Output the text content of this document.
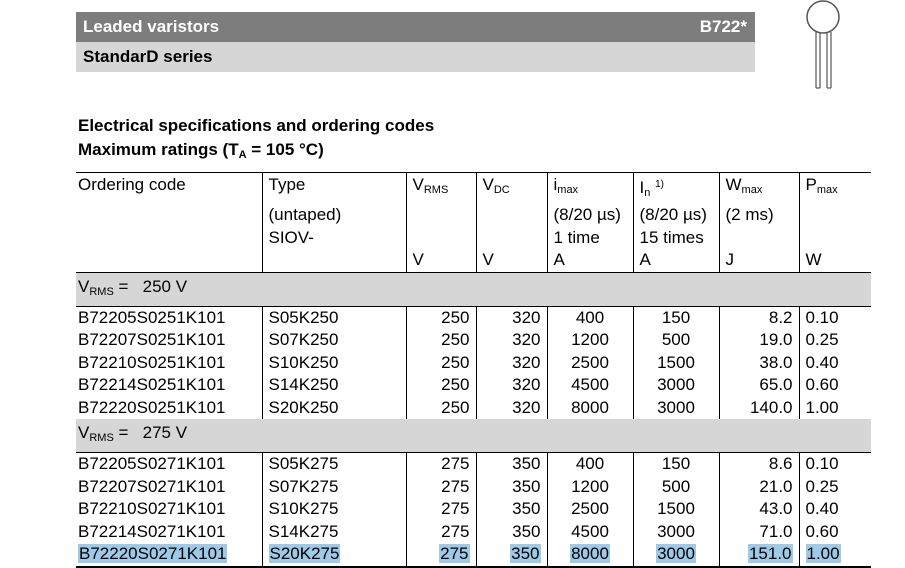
Leaded varistors	B722*
StandarD series
Electrical specifications and ordering codes
Maximum ratings ($T_A = 105$ °C)
Ordering code	Type	$V_{RMS}$	$V_{DC}$	$i_{max}$	$I_n$ $^{1)}$	$W_{max}$	$P_{max}$
	(untaped)			(8/20 µs)	(8/20 µs)	(2 ms)	
	SIOV-			1 time	15 times		
		V	V	A	A	J	W
$V_{RMS} = 250$ V							
B72205S0251K101	S05K250	250	320	400	150	8.2	0.10
B72207S0251K101	S07K250	250	320	1200	500	19.0	0.25
B72210S0251K101	S10K250	250	320	2500	1500	38.0	0.40
B72214S0251K101	S14K250	250	320	4500	3000	65.0	0.60
B72220S0251K101	S20K250	250	320	8000	3000	140.0	1.00
$V_{RMS} = 275$ V							
B72205S0271K101	S05K275	275	350	400	150	8.6	0.10
B72207S0271K101	S07K275	275	350	1200	500	21.0	0.25
B72210S0271K101	S10K275	275	350	2500	1500	43.0	0.40
B72214S0271K101	S14K275	275	350	4500	3000	71.0	0.60
B72220S0271K101	S20K275	275	350	8000	3000	151.0	1.00
